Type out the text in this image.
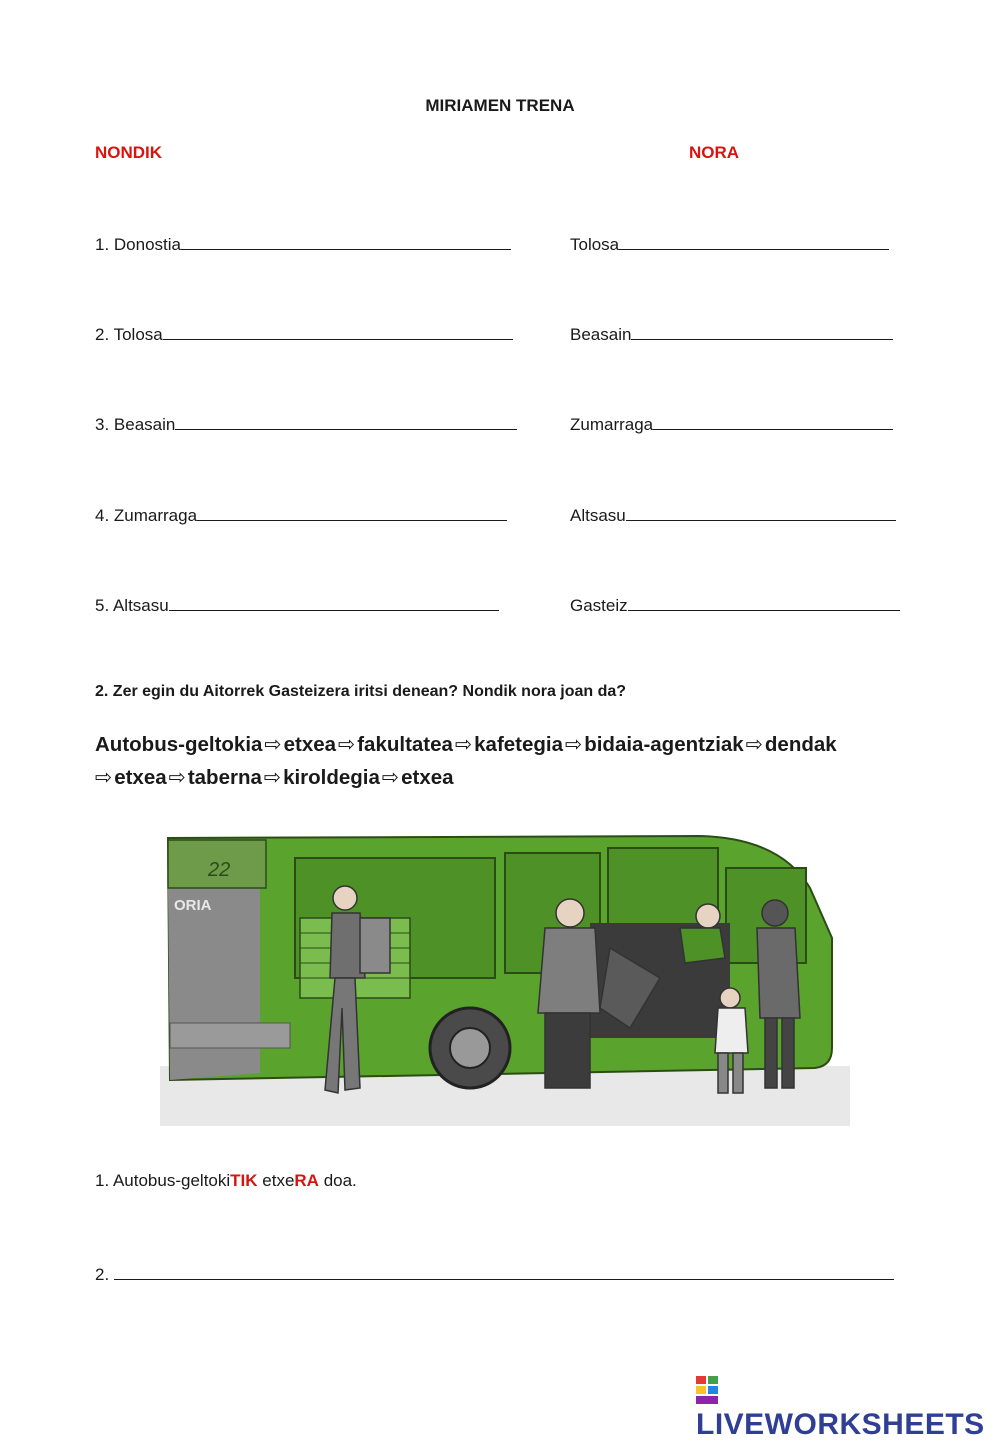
MIRIAMEN TRENA
NONDIK	NORA
1. Donostia	Tolosa
2. Tolosa	Beasain
3. Beasain	Zumarraga
4. Zumarraga	Altsasu
5. Altsasu	Gasteiz
2. Zer egin du Aitorrek Gasteizera iritsi denean? Nondik nora joan da?
Autobus-geltokia⇨etxea⇨fakultatea⇨kafetegia⇨bidaia-agentziak⇨dendak
⇨etxea⇨taberna⇨kiroldegia⇨etxea
22
ORIA
1. Autobus-geltokiTIK etxeRA doa.
2.
LIVEWORKSHEETS
